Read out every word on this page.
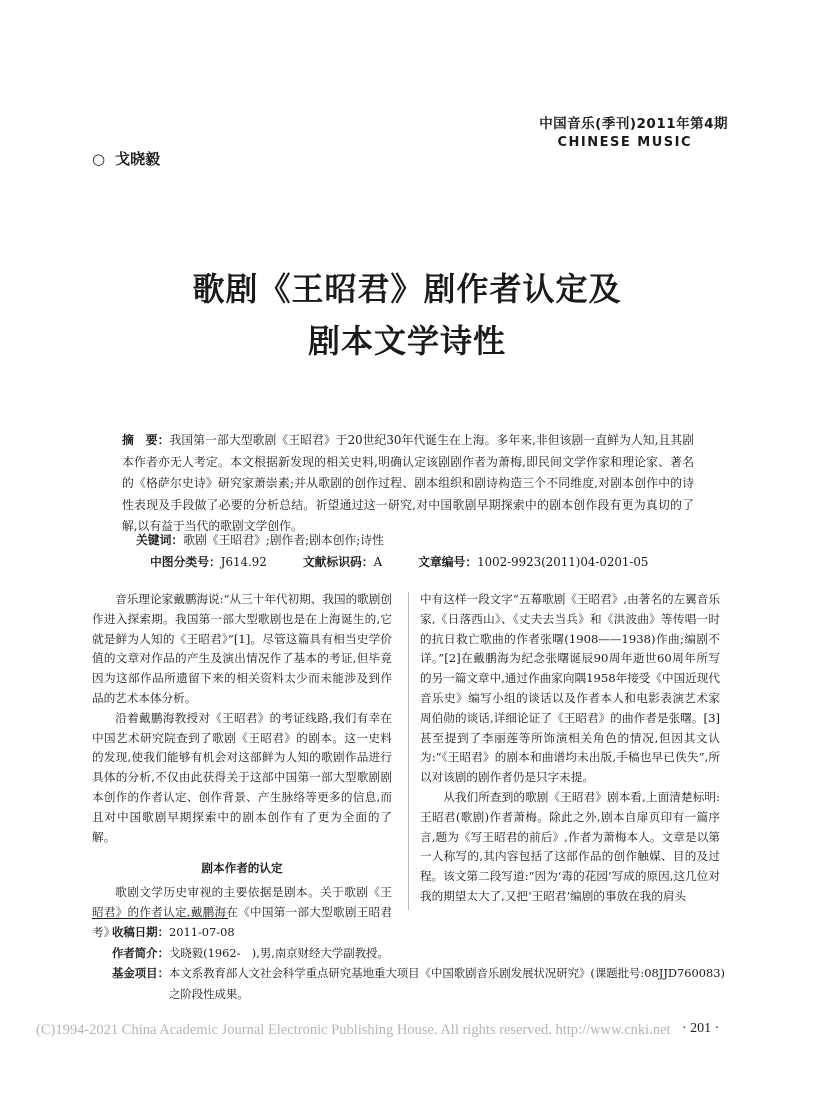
中国音乐(季刊)2011年第4期
CHINESE MUSIC
○ 戈晓毅
歌剧《王昭君》剧作者认定及
剧本文学诗性
摘　要：我国第一部大型歌剧《王昭君》于20世纪30年代诞生在上海。多年来,非但该剧一直鲜为人知,且其剧本作者亦无人考定。本文根据新发现的相关史料,明确认定该剧剧作者为萧梅,即民间文学作家和理论家、著名的《格萨尔史诗》研究家萧崇素;并从歌剧的创作过程、剧本组织和剧诗构造三个不同维度,对剧本创作中的诗性表现及手段做了必要的分析总结。祈望通过这一研究,对中国歌剧早期探索中的剧本创作段有更为真切的了解,以有益于当代的歌剧文学创作。
关键词：歌剧《王昭君》;剧作者;剧本创作;诗性
中图分类号：J614.92	文献标识码：A	文章编号：1002-9923(2011)04-0201-05

音乐理论家戴鹏海说:“从三十年代初期、我国的歌剧创作进入探索期。我国第一部大型歌剧也是在上海诞生的,它就是鲜为人知的《王昭君》”[1]。尽管这篇具有相当史学价值的文章对作品的产生及演出情况作了基本的考证,但毕竟因为这部作品所遗留下来的相关资料太少而未能涉及到作品的艺术本体分析。

沿着戴鹏海教授对《王昭君》的考证线路,我们有幸在中国艺术研究院查到了歌剧《王昭君》的剧本。这一史料的发现,使我们能够有机会对这部鲜为人知的歌剧作品进行具体的分析,不仅由此获得关于这部中国第一部大型歌剧剧本创作的作者认定、创作背景、产生脉络等更多的信息,而且对中国歌剧早期探索中的剧本创作有了更为全面的了解。

剧本作者的认定

歌剧文学历史审视的主要依据是剧本。关于歌剧《王昭君》的作者认定,戴鹏海在《中国第一部大型歌剧王昭君考》

中有这样一段文字“五幕歌剧《王昭君》,由著名的左翼音乐家,《日落西山》、《丈夫去当兵》和《洪波曲》等传唱一时的抗日救亡歌曲的作者张曙(1908——1938)作曲;编剧不详。”[2]在戴鹏海为纪念张曙诞辰90周年逝世60周年所写的另一篇文章中,通过作曲家向隅1958年接受《中国近现代音乐史》编写小组的谈话以及作者本人和电影表演艺术家周伯勋的谈话,详细论证了《王昭君》的曲作者是张曙。[3]甚至提到了李丽莲等所饰演相关角色的情况,但因其文认为:“《王昭君》的剧本和曲谱均未出版,手稿也早已佚失”,所以对该剧的剧作者仍是只字未提。

从我们所查到的歌剧《王昭君》剧本看,上面清楚标明:王昭君(歌剧)作者萧梅。除此之外,剧本自扉页印有一篇序言,题为《写王昭君的前后》,作者为萧梅本人。文章是以第一人称写的,其内容包括了这部作品的创作触媒、目的及过程。该文第二段写道:“因为‘毒的花园’写成的原因,这几位对我的期望太大了,又把‘王昭君’编剧的事放在我的肩头

收稿日期： 2011-07-08
作者简介： 戈晓毅(1962-　),男,南京财经大学副教授。
基金项目： 本文系教育部人文社会科学重点研究基地重大项目《中国歌剧音乐剧发展状况研究》(课题批号:08JJD760083)之阶段性成果。
(C)1994-2021 China Academic Journal Electronic Publishing House. All rights reserved. http://www.cnki.net · 201 ·
